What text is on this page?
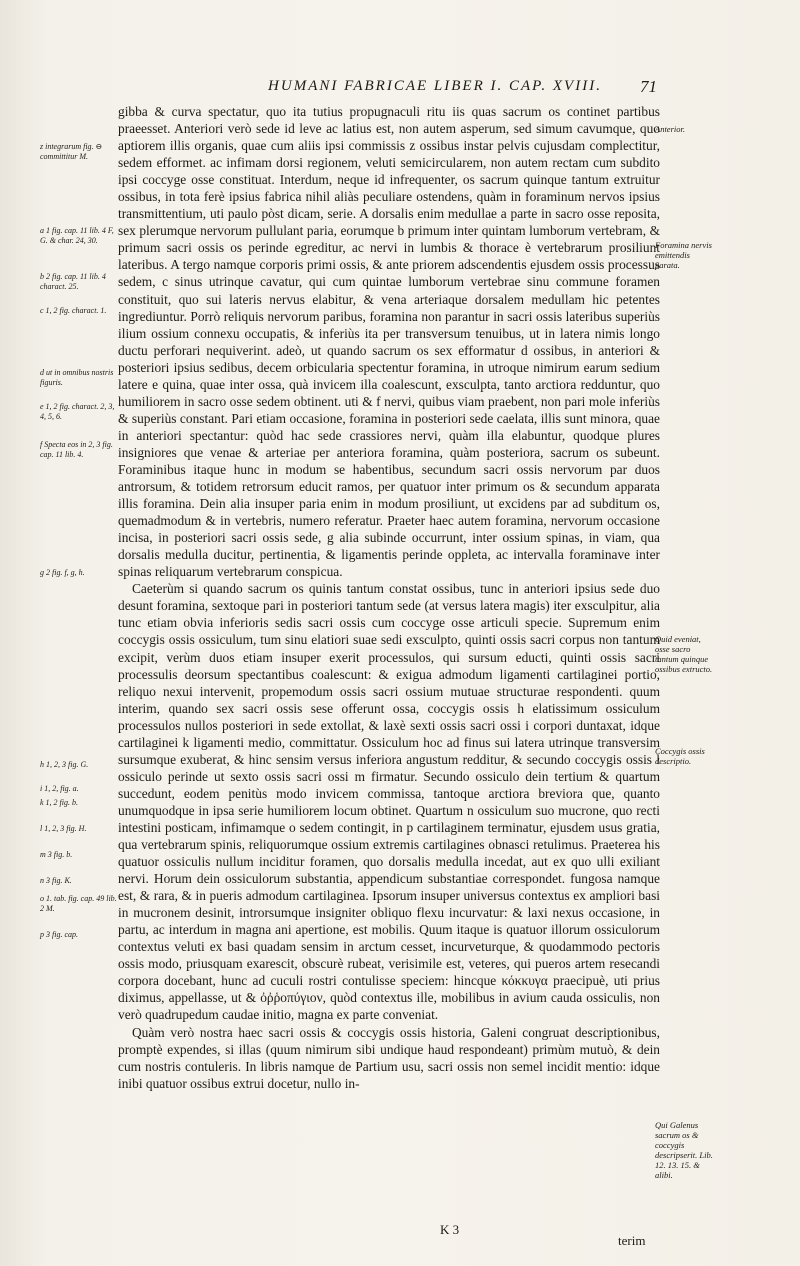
HUMANI FABRICAE LIBER I. CAP. XVIII.	71

gibba & curva spectatur, quo ita tutius propugnaculi ritu iis quas sacrum os continet partibus praeesset. Anteriori verò sede id leve ac latius est, non autem asperum, sed simum cavumque, quo aptiorem illis organis, quae cum aliis ipsi commissis z ossibus instar pelvis cujusdam complectitur, sedem efformet. ac infimam dorsi regionem, veluti semicircularem, non autem rectam cum subdito ipsi coccyge osse constituat. Interdum, neque id infrequenter, os sacrum quinque tantum extruitur ossibus, in tota ferè ipsius fabrica nihil aliàs peculiare ostendens, quàm in foraminum nervos ipsius transmittentium, uti paulo pòst dicam, serie. A dorsalis enim medullae a parte in sacro osse reposita, sex plerumque nervorum pullulant paria, eorumque b primum inter quintam lumborum vertebram, & primum sacri ossis os perinde egreditur, ac nervi in lumbis & thorace è vertebrarum prosiliunt lateribus. A tergo namque corporis primi ossis, & ante priorem adscendentis ejusdem ossis processus sedem, c sinus utrinque cavatur, qui cum quintae lumborum vertebrae sinu commune foramen constituit, quo sui lateris nervus elabitur, & vena arteriaque dorsalem medullam hic petentes ingrediuntur. Porrò reliquis nervorum paribus, foramina non parantur in sacri ossis lateribus superiùs ilium ossium connexu occupatis, & inferiùs ita per transversum tenuibus, ut in latera nimis longo ductu perforari nequiverint. adeò, ut quando sacrum os sex efformatur d ossibus, in anteriori & posteriori ipsius sedibus, decem orbicularia spectentur foramina, in utroque nimirum earum sedium latere e quina, quae inter ossa, quà invicem illa coalescunt, exsculpta, tanto arctiora redduntur, quo humiliorem in sacro osse sedem obtinent. uti & f nervi, quibus viam praebent, non pari mole inferiùs & superiùs constant. Pari etiam occasione, foramina in posteriori sede caelata, illis sunt minora, quae in anteriori spectantur: quòd hac sede crassiores nervi, quàm illa elabuntur, quodque plures insigniores que venae & arteriae per anteriora foramina, quàm posteriora, sacrum os subeunt. Foraminibus itaque hunc in modum se habentibus, secundum sacri ossis nervorum par duos antrorsum, & totidem retrorsum educit ramos, per quatuor inter primum os & secundum apparata illis foramina. Dein alia insuper paria enim in modum prosiliunt, ut excidens par ad subditum os, quemadmodum & in vertebris, numero referatur. Praeter haec autem foramina, nervorum occasione incisa, in posteriori sacri ossis sede, g alia subinde occurrunt, inter ossium spinas, in viam, qua dorsalis medulla ducitur, pertinentia, & ligamentis perinde oppleta, ac intervalla foraminave inter spinas reliquarum vertebrarum conspicua.

Caeterùm si quando sacrum os quinis tantum constat ossibus, tunc in anteriori ipsius sede duo desunt foramina, sextoque pari in posteriori tantum sede (at versus latera magis) iter exsculpitur, alia tunc etiam obvia inferioris sedis sacri ossis cum coccyge osse articuli specie. Supremum enim coccygis ossis ossiculum, tum sinu elatiori suae sedi exsculpto, quinti ossis sacri corpus non tantum excipit, verùm duos etiam insuper exerit processulos, qui sursum educti, quinti ossis sacri processulis deorsum spectantibus coalescunt: & exigua admodum ligamenti cartilaginei portio, reliquo nexui intervenit, propemodum ossis sacri ossium mutuae structurae respondenti. quum interim, quando sex sacri ossis sese offerunt ossa, coccygis ossis h elatissimum ossiculum processulos nullos posteriori in sede extollat, & laxè sexti ossis sacri ossi i corpori duntaxat, idque cartilaginei k ligamenti medio, committatur. Ossiculum hoc ad finus sui latera utrinque transversim sursumque exuberat, & hinc sensim versus inferiora angustum redditur, & secundo coccygis ossis l ossiculo perinde ut sexto ossis sacri ossi m firmatur. Secundo ossiculo dein tertium & quartum succedunt, eodem penitùs modo invicem commissa, tantoque arctiora breviora que, quanto unumquodque in ipsa serie humiliorem locum obtinet. Quartum n ossiculum suo mucrone, quo recti intestini posticam, infimamque o sedem contingit, in p cartilaginem terminatur, ejusdem usus gratia, qua vertebrarum spinis, reliquorumque ossium extremis cartilagines obnasci retulimus. Praeterea his quatuor ossiculis nullum inciditur foramen, quo dorsalis medulla incedat, aut ex quo ulli exiliant nervi. Horum dein ossiculorum substantia, appendicum substantiae correspondet. fungosa namque est, & rara, & in pueris admodum cartilaginea. Ipsorum insuper universus contextus ex ampliori basi in mucronem desinit, introrsumque insigniter obliquo flexu incurvatur: & laxi nexus occasione, in partu, ac interdum in magna ani apertione, est mobilis. Quum itaque is quatuor illorum ossiculorum contextus veluti ex basi quadam sensim in arctum cesset, incurveturque, & quodammodo pectoris ossis modo, priusquam exarescit, obscurè rubeat, verisimile est, veteres, qui pueros artem resecandi corpora docebant, hunc ad cuculi rostri contulisse speciem: hincque κόκκυγα praecipuè, uti prius diximus, appellasse, ut & ὀῤῥοπύγιον, quòd contextus ille, mobilibus in avium cauda ossiculis, non verò quadrupedum caudae initio, magna ex parte conveniat.

Quàm verò nostra haec sacri ossis & coccygis ossis historia, Galeni congruat descriptionibus, promptè expendes, si illas (quum nimirum sibi undique haud respondeant) primùm mutuò, & dein cum nostris contuleris. In libris namque de Partium usu, sacri ossis non semel incidit mentio: idque inibi quatuor ossibus extrui docetur, nullo in-

z integrarum fig. ⊖ committitur M.
a 1 fig. cap. 11 lib. 4 F, G. & char. 24, 30.
b 2 fig. cap. 11 lib. 4 charact. 25.
c 1, 2 fig. charact. 1.
d ut in omnibus nostris figuris.
e 1, 2 fig. charact. 2, 3, 4, 5, 6.
f Specta eos in 2, 3 fig. cap. 11 lib. 4.
g 2 fig. f, g, h.
h 1, 2, 3 fig. G.
i 1, 2, fig. a.
k 1, 2 fig. b.
l 1, 2, 3 fig. H.
m 3 fig. b.
n 3 fig. K.
o 1. tab. fig. cap. 49 lib. 2 M.
p 3 fig. cap.
Anterior.
Foramina nervis emittendis parata.
Quid eveniat, osse sacro tantum quinque ossibus extructo.
Coccygis ossis descriptio.
Qui Galenus sacrum os & coccygis descripserit. Lib. 12. 13. 15. & alibi.
K 3
terim
